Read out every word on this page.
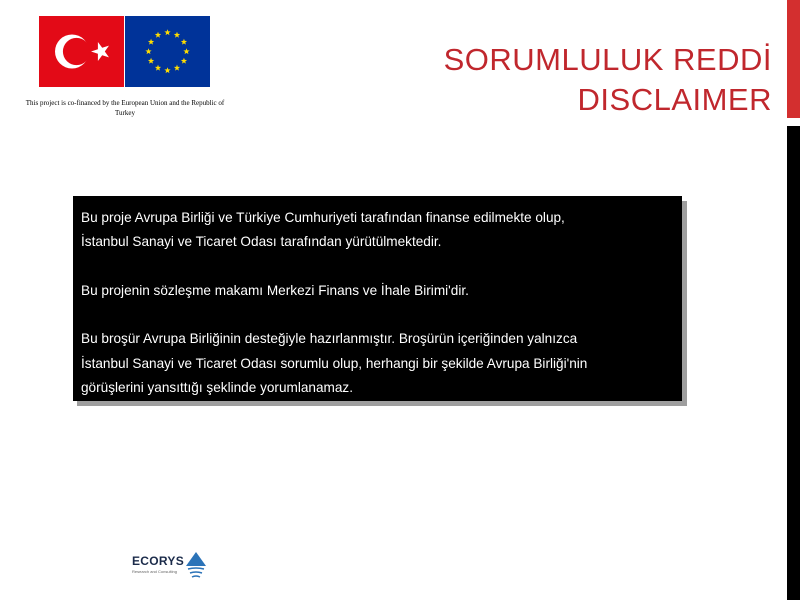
This project is co-financed by the European Union and the Republic of Turkey
SORUMLULUK REDDİ
DISCLAIMER

Bu proje Avrupa Birliği ve Türkiye Cumhuriyeti tarafından finanse edilmekte olup,

İstanbul Sanayi ve Ticaret Odası tarafından yürütülmektedir.

Bu projenin sözleşme makamı Merkezi Finans ve İhale Birimi'dir.

Bu broşür Avrupa Birliğinin desteğiyle hazırlanmıştır. Broşürün içeriğinden yalnızca

İstanbul Sanayi ve Ticaret Odası sorumlu olup, herhangi bir şekilde Avrupa Birliği'nin

görüşlerini yansıttığı şeklinde yorumlanamaz.

ECORYS
Research and Consulting
